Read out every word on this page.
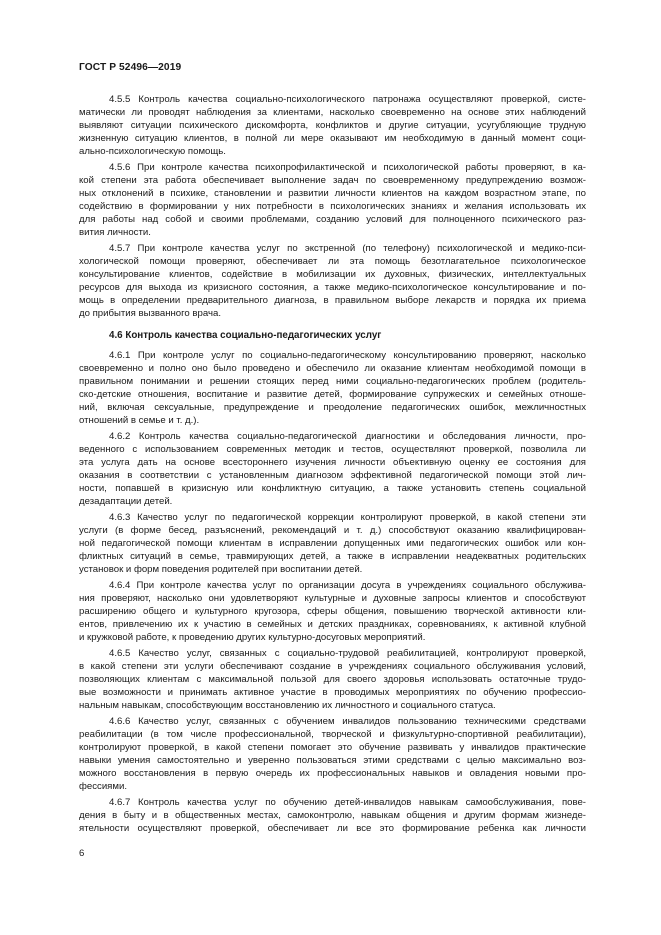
ГОСТ Р 52496—2019
4.5.5 Контроль качества социально-психологического патронажа осуществляют проверкой, систе-
матически ли проводят наблюдения за клиентами, насколько своевременно на основе этих наблюдений
выявляют ситуации психического дискомфорта, конфликтов и другие ситуации, усугубляющие трудную
жизненную ситуацию клиентов, в полной ли мере оказывают им необходимую в данный момент соци-
ально-психологическую помощь.
4.5.6 При контроле качества психопрофилактической и психологической работы проверяют, в ка-
кой степени эта работа обеспечивает выполнение задач по своевременному предупреждению возмож-
ных отклонений в психике, становлении и развитии личности клиентов на каждом возрастном этапе, по
содействию в формировании у них потребности в психологических знаниях и желания использовать их
для работы над собой и своими проблемами, созданию условий для полноценного психического раз-
вития личности.
4.5.7 При контроле качества услуг по экстренной (по телефону) психологической и медико-пси-
хологической помощи проверяют, обеспечивает ли эта помощь безотлагательное психологическое
консультирование клиентов, содействие в мобилизации их духовных, физических, интеллектуальных
ресурсов для выхода из кризисного состояния, а также медико-психологическое консультирование и по-
мощь в определении предварительного диагноза, в правильном выборе лекарств и порядка их приема
до прибытия вызванного врача.
4.6 Контроль качества социально-педагогических услуг
4.6.1 При контроле услуг по социально-педагогическому консультированию проверяют, насколько
своевременно и полно оно было проведено и обеспечило ли оказание клиентам необходимой помощи в
правильном понимании и решении стоящих перед ними социально-педагогических проблем (родитель-
ско-детские отношения, воспитание и развитие детей, формирование супружеских и семейных отноше-
ний, включая сексуальные, предупреждение и преодоление педагогических ошибок, межличностных
отношений в семье и т. д.).
4.6.2 Контроль качества социально-педагогической диагностики и обследования личности, про-
веденного с использованием современных методик и тестов, осуществляют проверкой, позволила ли
эта услуга дать на основе всестороннего изучения личности объективную оценку ее состояния для
оказания в соответствии с установленным диагнозом эффективной педагогической помощи этой лич-
ности, попавшей в кризисную или конфликтную ситуацию, а также установить степень социальной
дезадаптации детей.
4.6.3 Качество услуг по педагогической коррекции контролируют проверкой, в какой степени эти
услуги (в форме бесед, разъяснений, рекомендаций и т. д.) способствуют оказанию квалифицирован-
ной педагогической помощи клиентам в исправлении допущенных ими педагогических ошибок или кон-
фликтных ситуаций в семье, травмирующих детей, а также в исправлении неадекватных родительских
установок и форм поведения родителей при воспитании детей.
4.6.4 При контроле качества услуг по организации досуга в учреждениях социального обслужива-
ния проверяют, насколько они удовлетворяют культурные и духовные запросы клиентов и способствуют
расширению общего и культурного кругозора, сферы общения, повышению творческой активности кли-
ентов, привлечению их к участию в семейных и детских праздниках, соревнованиях, к активной клубной
и кружковой работе, к проведению других культурно-досуговых мероприятий.
4.6.5 Качество услуг, связанных с социально-трудовой реабилитацией, контролируют проверкой,
в какой степени эти услуги обеспечивают создание в учреждениях социального обслуживания условий,
позволяющих клиентам с максимальной пользой для своего здоровья использовать остаточные трудо-
вые возможности и принимать активное участие в проводимых мероприятиях по обучению профессио-
нальным навыкам, способствующим восстановлению их личностного и социального статуса.
4.6.6 Качество услуг, связанных с обучением инвалидов пользованию техническими средствами
реабилитации (в том числе профессиональной, творческой и физкультурно-спортивной реабилитации),
контролируют проверкой, в какой степени помогает это обучение развивать у инвалидов практические
навыки умения самостоятельно и уверенно пользоваться этими средствами с целью максимально воз-
можного восстановления в первую очередь их профессиональных навыков и овладения новыми про-
фессиями.
4.6.7 Контроль качества услуг по обучению детей-инвалидов навыкам самообслуживания, пове-
дения в быту и в общественных местах, самоконтролю, навыкам общения и другим формам жизнеде-
ятельности осуществляют проверкой, обеспечивает ли все это формирование ребенка как личности
6
